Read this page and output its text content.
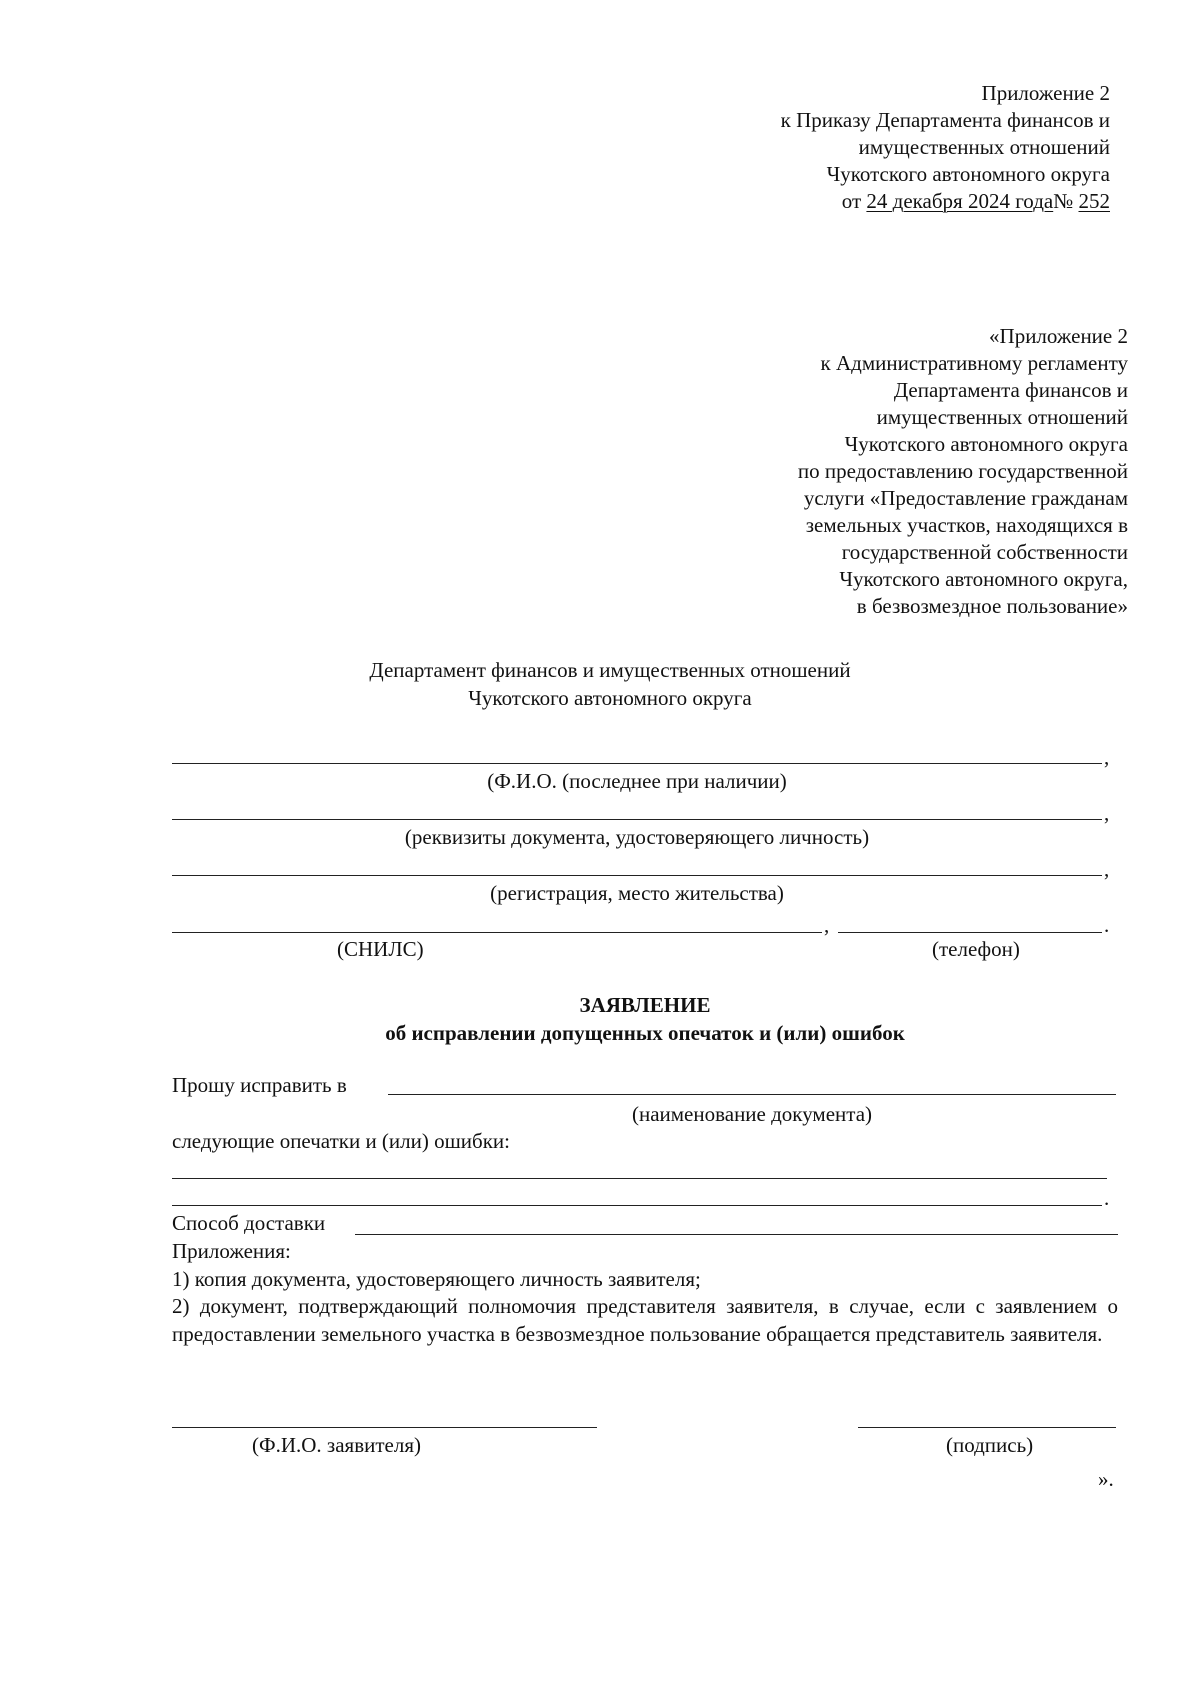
Приложение 2
к Приказу Департамента финансов и
имущественных отношений
Чукотского автономного округа
от 24 декабря 2024 года№ 252
«Приложение 2
к Административному регламенту
Департамента финансов и
имущественных отношений
Чукотского автономного округа
по предоставлению государственной
услуги «Предоставление гражданам
земельных участков, находящихся в
государственной собственности
Чукотского автономного округа,
в безвозмездное пользование»
Департамент финансов и имущественных отношений
Чукотского автономного округа
,
(Ф.И.О. (последнее при наличии)
,
(реквизиты документа, удостоверяющего личность)
,
(регистрация, место жительства)
,	.
(СНИЛС)	(телефон)
ЗАЯВЛЕНИЕ
об исправлении допущенных опечаток и (или) ошибок
Прошу исправить в
(наименование документа)
следующие опечатки и (или) ошибки:
.
Способ доставки
Приложения:
1) копия документа, удостоверяющего личность заявителя;
2) документ, подтверждающий полномочия представителя заявителя, в случае, если с заявлением о предоставлении земельного участка в безвозмездное пользование обращается представитель заявителя.
(Ф.И.О. заявителя)	(подпись)
».
